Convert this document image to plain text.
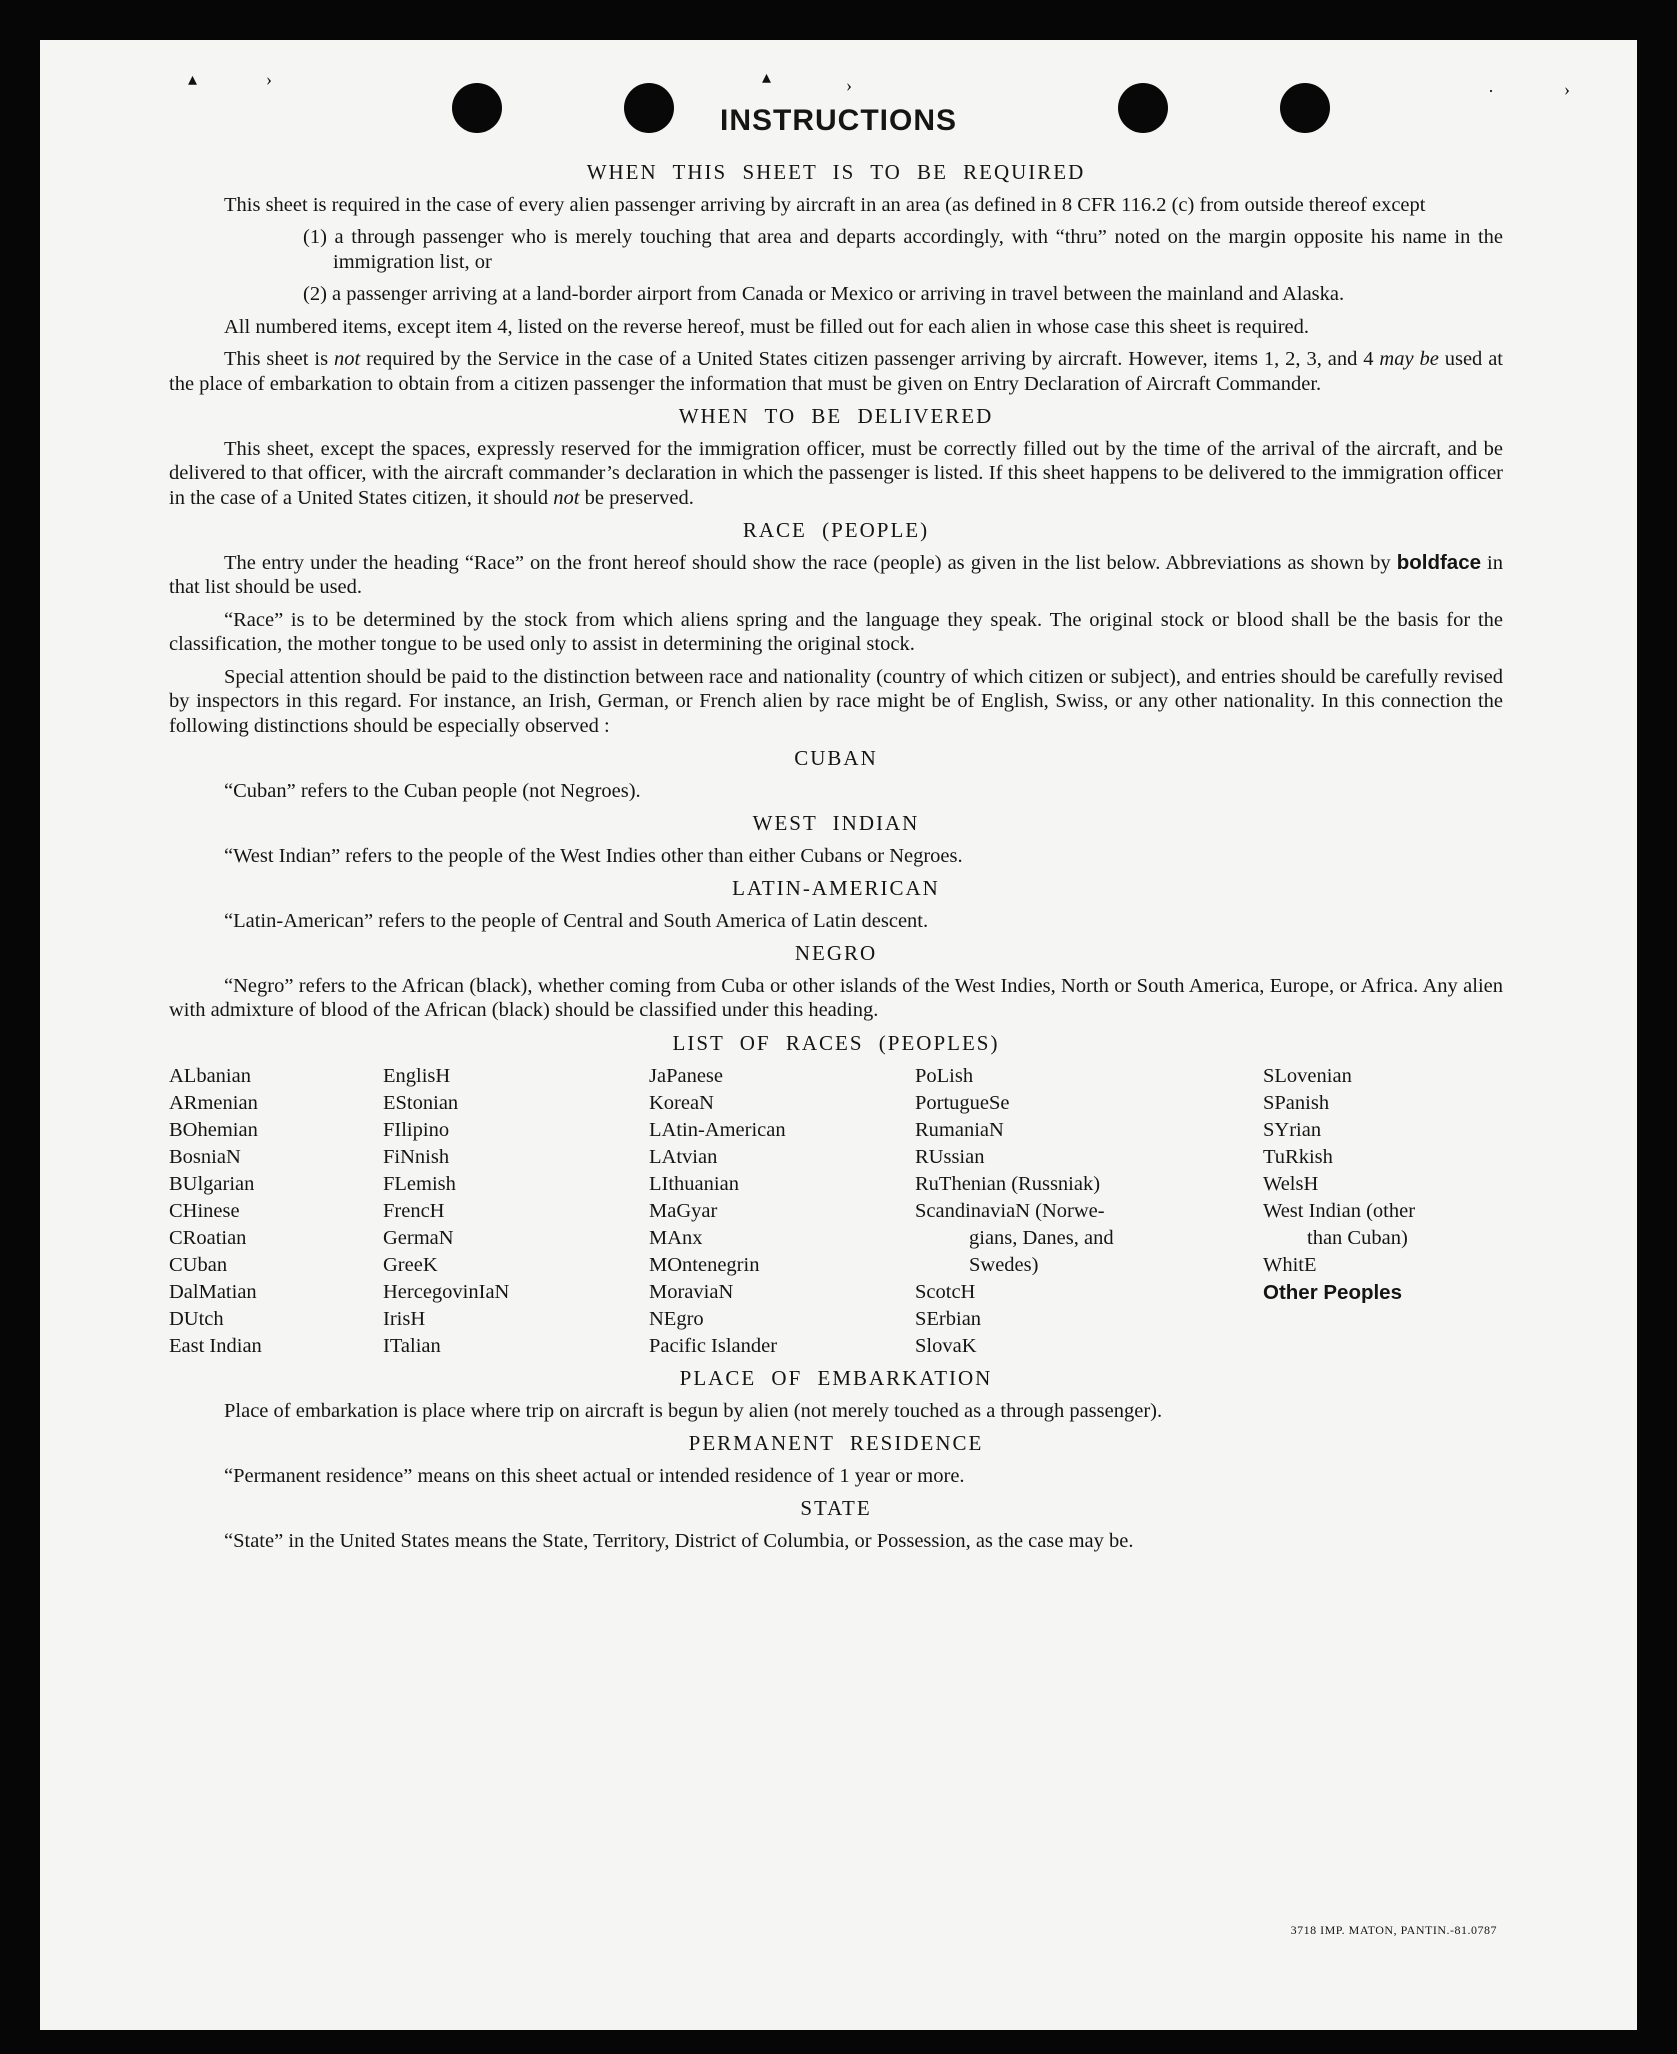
▴	›	▴	›	·	›
INSTRUCTIONS
WHEN THIS SHEET IS TO BE REQUIRED

This sheet is required in the case of every alien passenger arriving by aircraft in an area (as defined in 8 CFR 116.2 (c) from outside thereof except

(1) a through passenger who is merely touching that area and departs accordingly, with “thru” noted on the margin opposite his name in the immigration list, or

(2) a passenger arriving at a land-border airport from Canada or Mexico or arriving in travel between the mainland and Alaska.

All numbered items, except item 4, listed on the reverse hereof, must be filled out for each alien in whose case this sheet is required.

This sheet is not required by the Service in the case of a United States citizen passenger arriving by aircraft. However, items 1, 2, 3, and 4 may be used at the place of embarkation to obtain from a citizen passenger the information that must be given on Entry Declaration of Aircraft Commander.

WHEN TO BE DELIVERED

This sheet, except the spaces, expressly reserved for the immigration officer, must be correctly filled out by the time of the arrival of the aircraft, and be delivered to that officer, with the aircraft commander’s declaration in which the passenger is listed. If this sheet happens to be delivered to the immigration officer in the case of a United States citizen, it should not be preserved.

RACE (PEOPLE)

The entry under the heading “Race” on the front hereof should show the race (people) as given in the list below. Abbreviations as shown by boldface in that list should be used.

“Race” is to be determined by the stock from which aliens spring and the language they speak. The original stock or blood shall be the basis for the classification, the mother tongue to be used only to assist in determining the original stock.

Special attention should be paid to the distinction between race and nationality (country of which citizen or subject), and entries should be carefully revised by inspectors in this regard. For instance, an Irish, German, or French alien by race might be of English, Swiss, or any other nationality. In this connection the following distinctions should be especially observed :

CUBAN

“Cuban” refers to the Cuban people (not Negroes).

WEST INDIAN

“West Indian” refers to the people of the West Indies other than either Cubans or Negroes.

LATIN-AMERICAN

“Latin-American” refers to the people of Central and South America of Latin descent.

NEGRO

“Negro” refers to the African (black), whether coming from Cuba or other islands of the West Indies, North or South America, Europe, or Africa. Any alien with admixture of blood of the African (black) should be classified under this heading.

LIST OF RACES (PEOPLES)
ALbanian
ARmenian
BOhemian
BosniaN
BUlgarian
CHinese
CRoatian
CUban
DalMatian
DUtch
East Indian
EnglisH
EStonian
FIlipino
FiNnish
FLemish
FrencH
GermaN
GreeK
HercegovinIaN
IrisH
ITalian
JaPanese
KoreaN
LAtin-American
LAtvian
LIthuanian
MaGyar
MAnx
MOntenegrin
MoraviaN
NEgro
Pacific Islander
PoLish
PortugueSe
RumaniaN
RUssian
RuThenian (Russniak)
ScandinaviaN (Norwe-
gians, Danes, and
Swedes)
ScotcH
SErbian
SlovaK
SLovenian
SPanish
SYrian
TuRkish
WelsH
West Indian (other
than Cuban)
WhitE
Other Peoples
PLACE OF EMBARKATION

Place of embarkation is place where trip on aircraft is begun by alien (not merely touched as a through passenger).

PERMANENT RESIDENCE

“Permanent residence” means on this sheet actual or intended residence of 1 year or more.

STATE

“State” in the United States means the State, Territory, District of Columbia, or Possession, as the case may be.

3718 IMP. MATON, PANTIN.-81.0787
